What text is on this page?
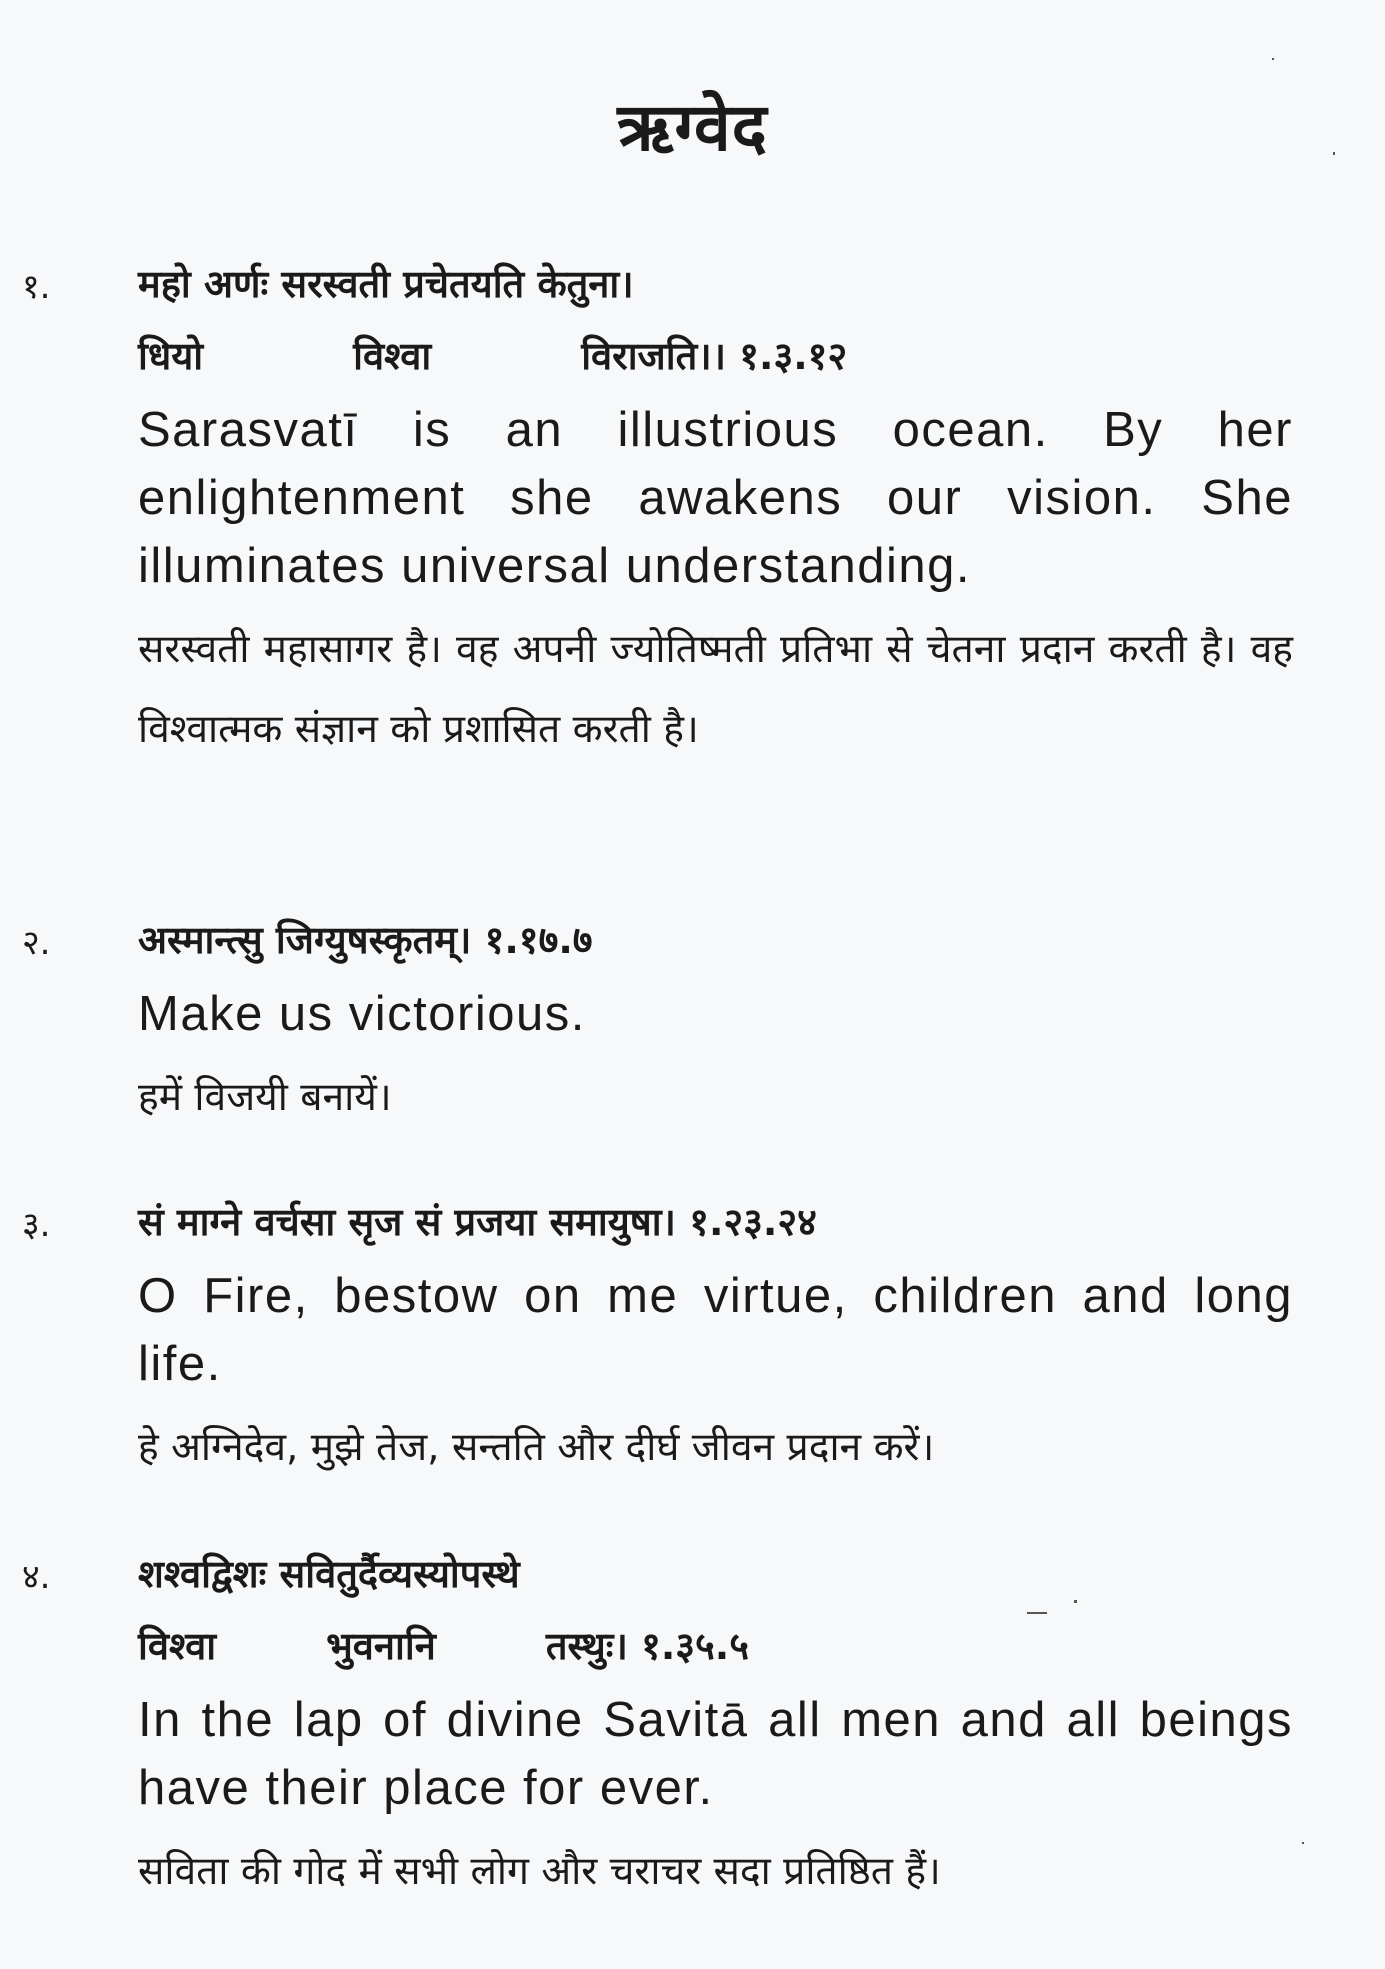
ऋग्वेद
१. महो अर्णः सरस्वती प्रचेतयति केतुना।
धियो	विश्वा	विराजति।। १.३.१२
Sarasvatī is an illustrious ocean. By her enlightenment she awakens our vision. She illuminates universal understanding.
सरस्वती महासागर है। वह अपनी ज्योतिष्मती प्रतिभा से चेतना प्रदान करती है। वह विश्वात्मक संज्ञान को प्रशासित करती है।
२. अस्मान्त्सु जिग्युषस्कृतम्। १.१७.७
Make us victorious.
हमें विजयी बनायें।
३. सं माग्ने वर्चसा सृज सं प्रजया समायुषा। १.२३.२४
O Fire, bestow on me virtue, children and long life.
हे अग्निदेव, मुझे तेज, सन्तति और दीर्घ जीवन प्रदान करें।
४. शश्वद्विशः सवितुर्दैव्यस्योपस्थे
विश्वा	भुवनानि	तस्थुः। १.३५.५
In the lap of divine Savitā all men and all beings have their place for ever.
सविता की गोद में सभी लोग और चराचर सदा प्रतिष्ठित हैं।
